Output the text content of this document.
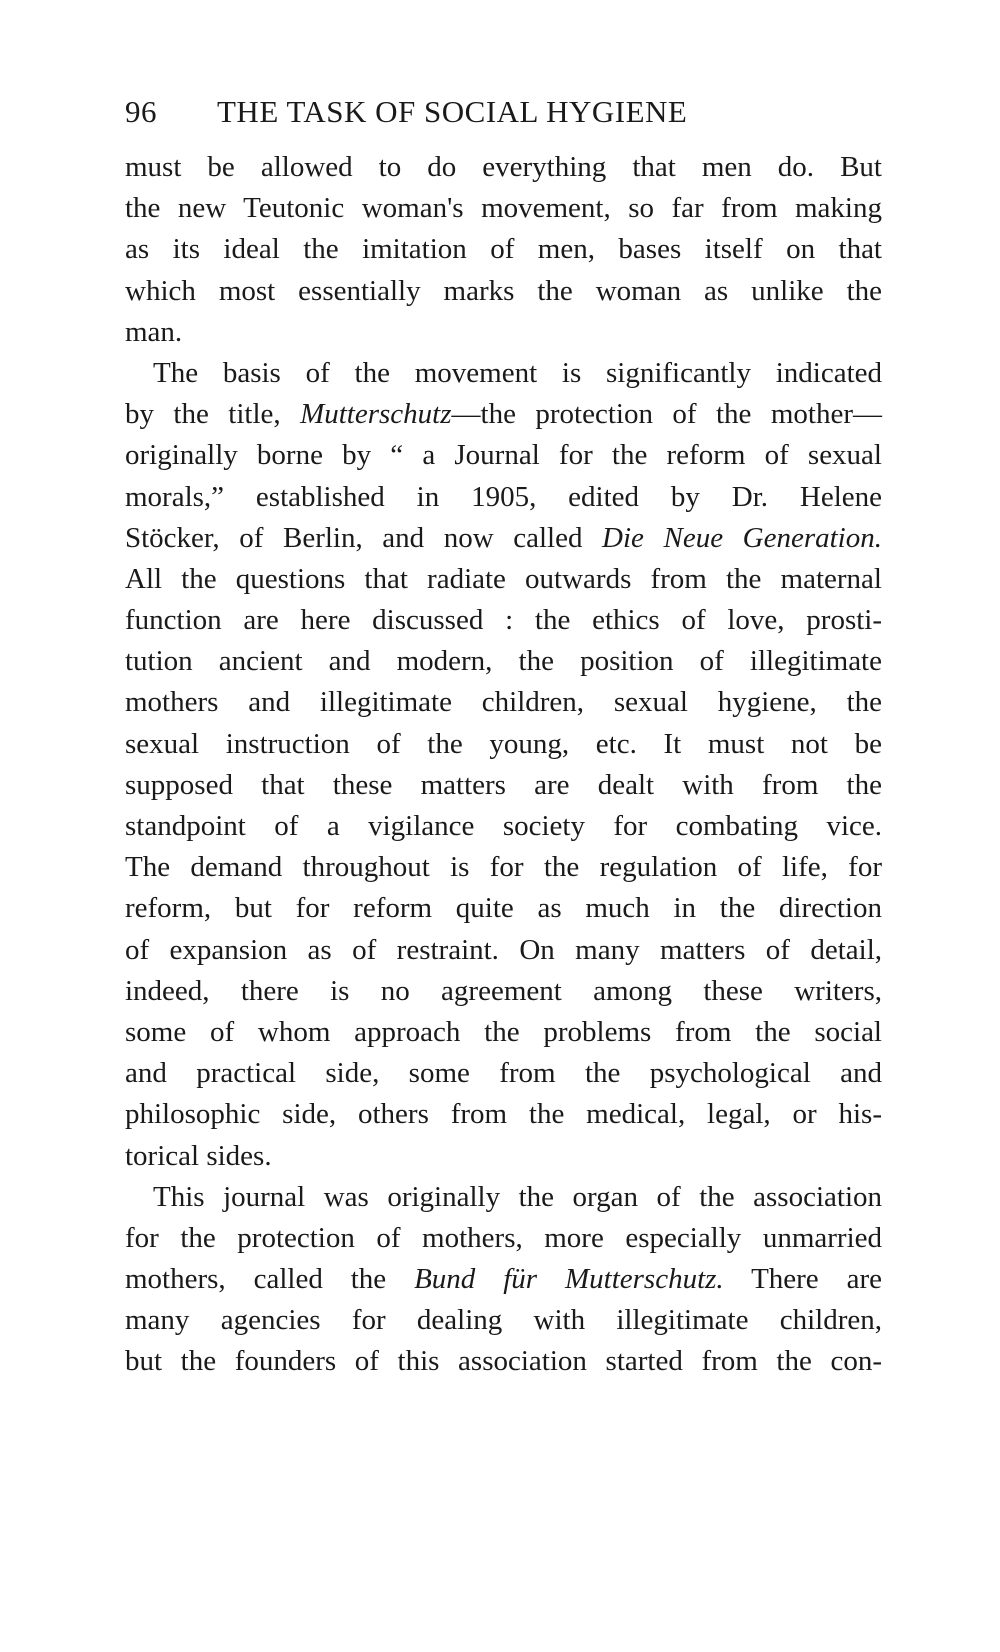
96 THE TASK OF SOCIAL HYGIENE
must be allowed to do everything that men do. But
the new Teutonic woman's movement, so far from making
as its ideal the imitation of men, bases itself on that
which most essentially marks the woman as unlike the
man.
The basis of the movement is significantly indicated
by the title, Mutterschutz—the protection of the mother—
originally borne by “ a Journal for the reform of sexual
morals,” established in 1905, edited by Dr. Helene
Stöcker, of Berlin, and now called Die Neue Generation.
All the questions that radiate outwards from the maternal
function are here discussed : the ethics of love, prosti-
tution ancient and modern, the position of illegitimate
mothers and illegitimate children, sexual hygiene, the
sexual instruction of the young, etc. It must not be
supposed that these matters are dealt with from the
standpoint of a vigilance society for combating vice.
The demand throughout is for the regulation of life, for
reform, but for reform quite as much in the direction
of expansion as of restraint. On many matters of detail,
indeed, there is no agreement among these writers,
some of whom approach the problems from the social
and practical side, some from the psychological and
philosophic side, others from the medical, legal, or his-
torical sides.
This journal was originally the organ of the association
for the protection of mothers, more especially unmarried
mothers, called the Bund für Mutterschutz. There are
many agencies for dealing with illegitimate children,
but the founders of this association started from the con-
